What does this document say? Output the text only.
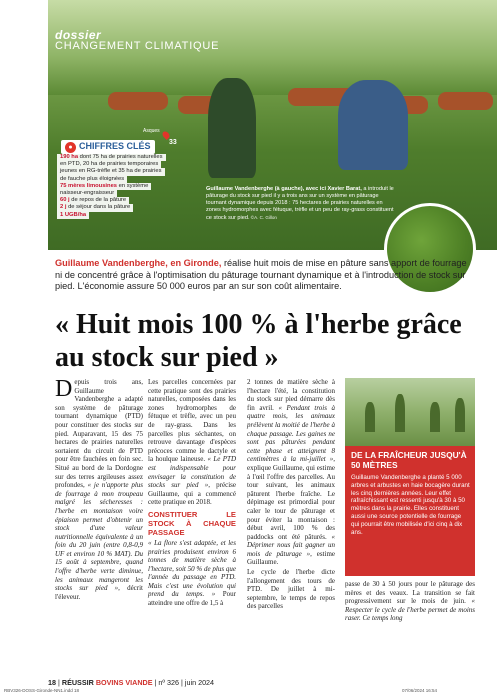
dossier
CHANGEMENT CLIMATIQUE
Asques
33
● CHIFFRES CLÉS
190 ha dont 75 ha de prairies naturelles
en PTD, 20 ha de prairies temporaires
jeunes en RG-trèfle et 35 ha de prairies
de fauche plus éloignées
75 mères limousines en système
naisseur-engraisseur
60 j de repos de la pâture
2 j de séjour dans la pâture
1 UGB/ha
Guillaume Vandenberghe (à gauche), avec ici Xavier Barat, a introduit le pâturage du stock sur pied il y a trois ans sur un système en pâturage tournant dynamique depuis 2018 : 75 hectares de prairies naturelles en zones hydromorphes avec fétuque, trèfle et un peu de ray-grass constituent ce stock sur pied. ©A. C. Gillon
Guillaume Vandenberghe, en Gironde, réalise huit mois de mise en pâture sans apport de fourrage ni de concentré grâce à l'optimisation du pâturage tournant dynamique et à l'introduction de stock sur pied. L'économie assure 50 000 euros par an sur son coût alimentaire.
« Huit mois 100 % à l'herbe grâce au stock sur pied »

Depuis trois ans, Guillaume Vandenberghe a adapté son système de pâturage tournant dynamique (PTD) pour constituer des stocks sur pied. Auparavant, 15 des 75 hectares de prairies naturelles sortaient du circuit de PTD pour être fauchées en foin sec. Situé au bord de la Dordogne sur des terres argileuses assez profondes, « je n'apporte plus de fourrage à mon troupeau malgré les sécheresses : l'herbe en montaison voire épiaison permet d'obtenir un stock d'une valeur nutritionnelle équivalente à un foin du 20 juin (entre 0,8-0,9 UF et environ 10 % MAT). Du 15 août à septembre, quand l'offre d'herbe verte diminue, les animaux mangeront les stocks sur pied », décrit l'éleveur.

Les parcelles concernées par cette pratique sont des prairies naturelles, composées dans les zones hydromorphes de fétuque et trèfle, avec un peu de ray-grass. Dans les parcelles plus séchantes, on retrouve davantage d'espèces précoces comme le dactyle et la houlque laineuse. « Le PTD est indispensable pour envisager la constitution de stocks sur pied », précise Guillaume, qui a commencé cette pratique en 2018.

CONSTITUER LE STOCK À CHAQUE PASSAGE

« La flore s'est adaptée, et les prairies produisent environ 6 tonnes de matière sèche à l'hectare, soit 50 % de plus que l'année du passage en PTD. Mais c'est une évolution qui prend du temps. » Pour atteindre une offre de 1,5 à

2 tonnes de matière sèche à l'hectare l'été, la constitution du stock sur pied démarre dès fin avril. « Pendant trois à quatre mois, les animaux prélèvent la moitié de l'herbe à chaque passage. Les gaines ne sont pas pâturées pendant cette phase et atteignent 8 centimètres à la mi-juillet », explique Guillaume, qui estime à l'œil l'offre des parcelles. Au tour suivant, les animaux pâturent l'herbe fraîche. Le dépimage est primordial pour caler le tour de pâturage et pour éviter la montaison : début avril, 100 % des paddocks ont été pâturés. « Déprimer nous fait gagner un mois de pâturage », estime Guillaume.

Le cycle de l'herbe dicte l'allongement des tours de PTD. De juillet à mi-septembre, le temps de repos des parcelles

DE LA FRAÎCHEUR JUSQU'À 50 MÈTRES
Guillaume Vandenberghe a planté 5 000 arbres et arbustes en haie bocagère durant les cinq dernières années. Leur effet rafraîchissant est ressenti jusqu'à 30 à 50 mètres dans la prairie. Elles constituent aussi une source potentielle de fourrage qui pourrait être mobilisée d'ici cinq à dix ans.
passe de 30 à 50 jours pour le pâturage des mères et des veaux. La transition se fait progressivement sur le mois de juin. « Respecter le cycle de l'herbe permet de moins raser. Ce temps long
18 | RÉUSSIR BOVINS VIANDE | nº 326 | juin 2024
RBV326-DOSS-Gironde-NN1.indd 18	07/06/2024 16:54
